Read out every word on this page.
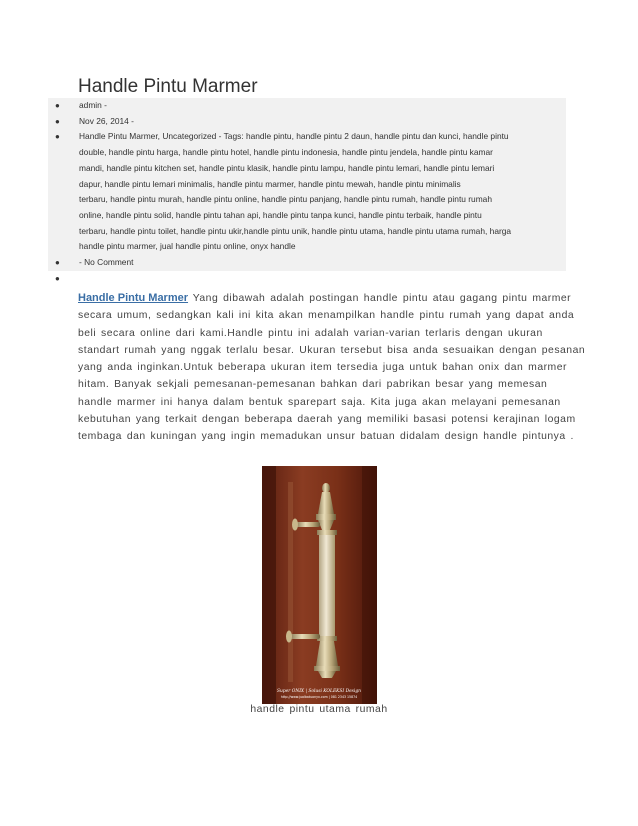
Handle Pintu Marmer
● admin -
● Nov 26, 2014 -
● Handle Pintu Marmer, Uncategorized - Tags: handle pintu, handle pintu 2 daun, handle pintu dan kunci, handle pintu
double, handle pintu harga, handle pintu hotel, handle pintu indonesia, handle pintu jendela, handle pintu kamar
mandi, handle pintu kitchen set, handle pintu klasik, handle pintu lampu, handle pintu lemari, handle pintu lemari
dapur, handle pintu lemari minimalis, handle pintu marmer, handle pintu mewah, handle pintu minimalis
terbaru, handle pintu murah, handle pintu online, handle pintu panjang, handle pintu rumah, handle pintu rumah
online, handle pintu solid, handle pintu tahan api, handle pintu tanpa kunci, handle pintu terbaik, handle pintu
terbaru, handle pintu toilet, handle pintu ukir,handle pintu unik, handle pintu utama, handle pintu utama rumah, harga
handle pintu marmer, jual handle pintu online, onyx handle
● - No Comment
●
Handle Pintu Marmer Yang dibawah adalah postingan handle pintu atau gagang pintu marmer
secara umum, sedangkan kali ini kita akan menampilkan handle pintu rumah yang dapat anda
beli secara online dari kami.Handle pintu ini adalah varian-varian terlaris dengan ukuran
standart rumah yang nggak terlalu besar. Ukuran tersebut bisa anda sesuaikan dengan pesanan
yang anda inginkan.Untuk beberapa ukuran item tersedia juga untuk bahan onix dan marmer
hitam. Banyak sekjali pemesanan-pemesanan bahkan dari pabrikan besar yang memesan
handle marmer ini hanya dalam bentuk sparepart saja. Kita juga akan melayani pemesanan
kebutuhan yang terkait dengan beberapa daerah yang memiliki basasi potensi kerajinan logam
tembaga dan kuningan yang ingin memadukan unsur batuan didalam design handle pintunya .
Super ONIX | Solusi KOLEKSI Design
http://www.jualbatuonyx.com | 081 2343 15874
handle pintu utama rumah
